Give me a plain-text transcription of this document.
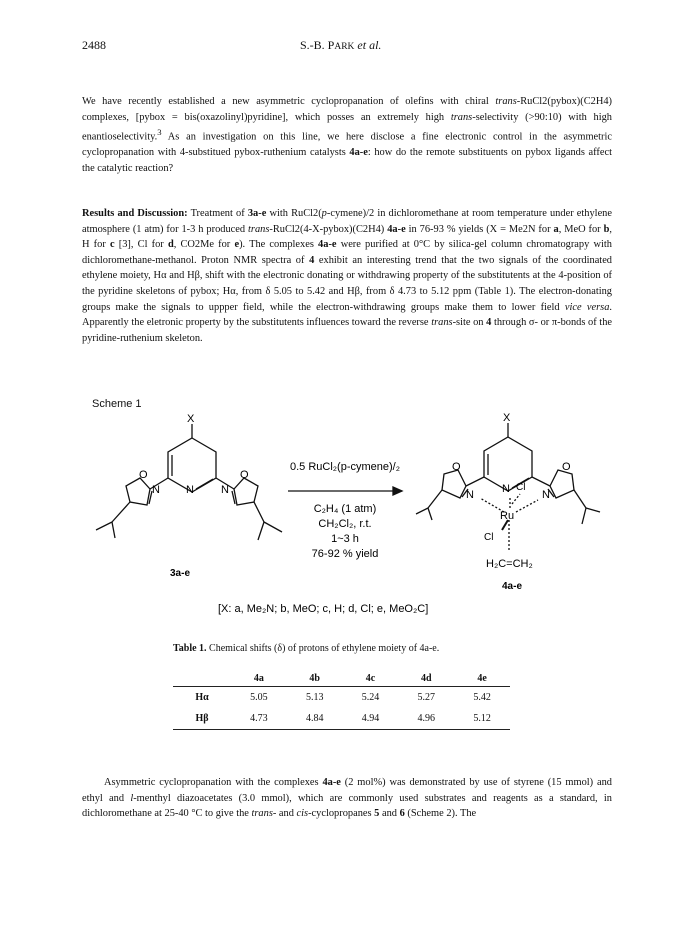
2488	S.-B. PARK et al.
We have recently established a new asymmetric cyclopropanation of olefins with chiral trans-RuCl2(pybox)(C2H4) complexes, [pybox = bis(oxazolinyl)pyridine], which posses an extremely high trans-selectivity (>90:10) with high enantioselectivity.$^3$ As an investigation on this line, we here disclose a fine electronic control in the asymmetric cyclopropanation with 4-substitued pybox-ruthenium catalysts 4a-e: how do the remote substituents on pybox ligands affect the catalytic reaction?
Results and Discussion: Treatment of 3a-e with RuCl2(p-cymene)/2 in dichloromethane at room temperature under ethylene atmosphere (1 atm) for 1-3 h produced trans-RuCl2(4-X-pybox)(C2H4) 4a-e in 76-93 % yields (X = Me2N for a, MeO for b, H for c [3], Cl for d, CO2Me for e). The complexes 4a-e were purified at 0°C by silica-gel column chromatograpy with dichloromethane-methanol. Proton NMR spectra of 4 exhibit an interesting trend that the two signals of the coordinated ethylene moiety, Hα and Hβ, shift with the electronic donating or withdrawing property of the substitutents at the 4-position of the pyridine skeletons of pybox; Hα, from δ 5.05 to 5.42 and Hβ, from δ 4.73 to 5.12 ppm (Table 1). The electron-donating groups make the signals to uppper field, while the electron-withdrawing groups make them to lower field vice versa. Apparently the eletronic property by the substitutents influences toward the reverse trans-site on 4 through σ- or π-bonds of the pyridine-ruthenium skeleton.
Scheme 1
X
O
N N N
O
0.5 RuCl₂(p-cymene)/₂
C₂H₄ (1 atm)
CH₂Cl₂, r.t.
1~3 h
76-92 % yield
X
O
N	N	N
O
Cl
Ru
Cl
H₂C=CH₂
3a-e
4a-e
[X: a, Me₂N; b, MeO; c, H; d, Cl; e, MeO₂C]
Table 1. Chemical shifts (δ) of protons of ethylene moiety of 4a-e.
	4a	4b	4c	4d	4e
Hα	5.05	5.13	5.24	5.27	5.42
Hβ	4.73	4.84	4.94	4.96	5.12
Asymmetric cyclopropanation with the complexes 4a-e (2 mol%) was demonstrated by use of styrene (15 mmol) and ethyl and l-menthyl diazoacetates (3.0 mmol), which are commonly used substrates and reagents as a standard, in dichloromethane at 25-40 °C to give the trans- and cis-cyclopropanes 5 and 6 (Scheme 2). The
